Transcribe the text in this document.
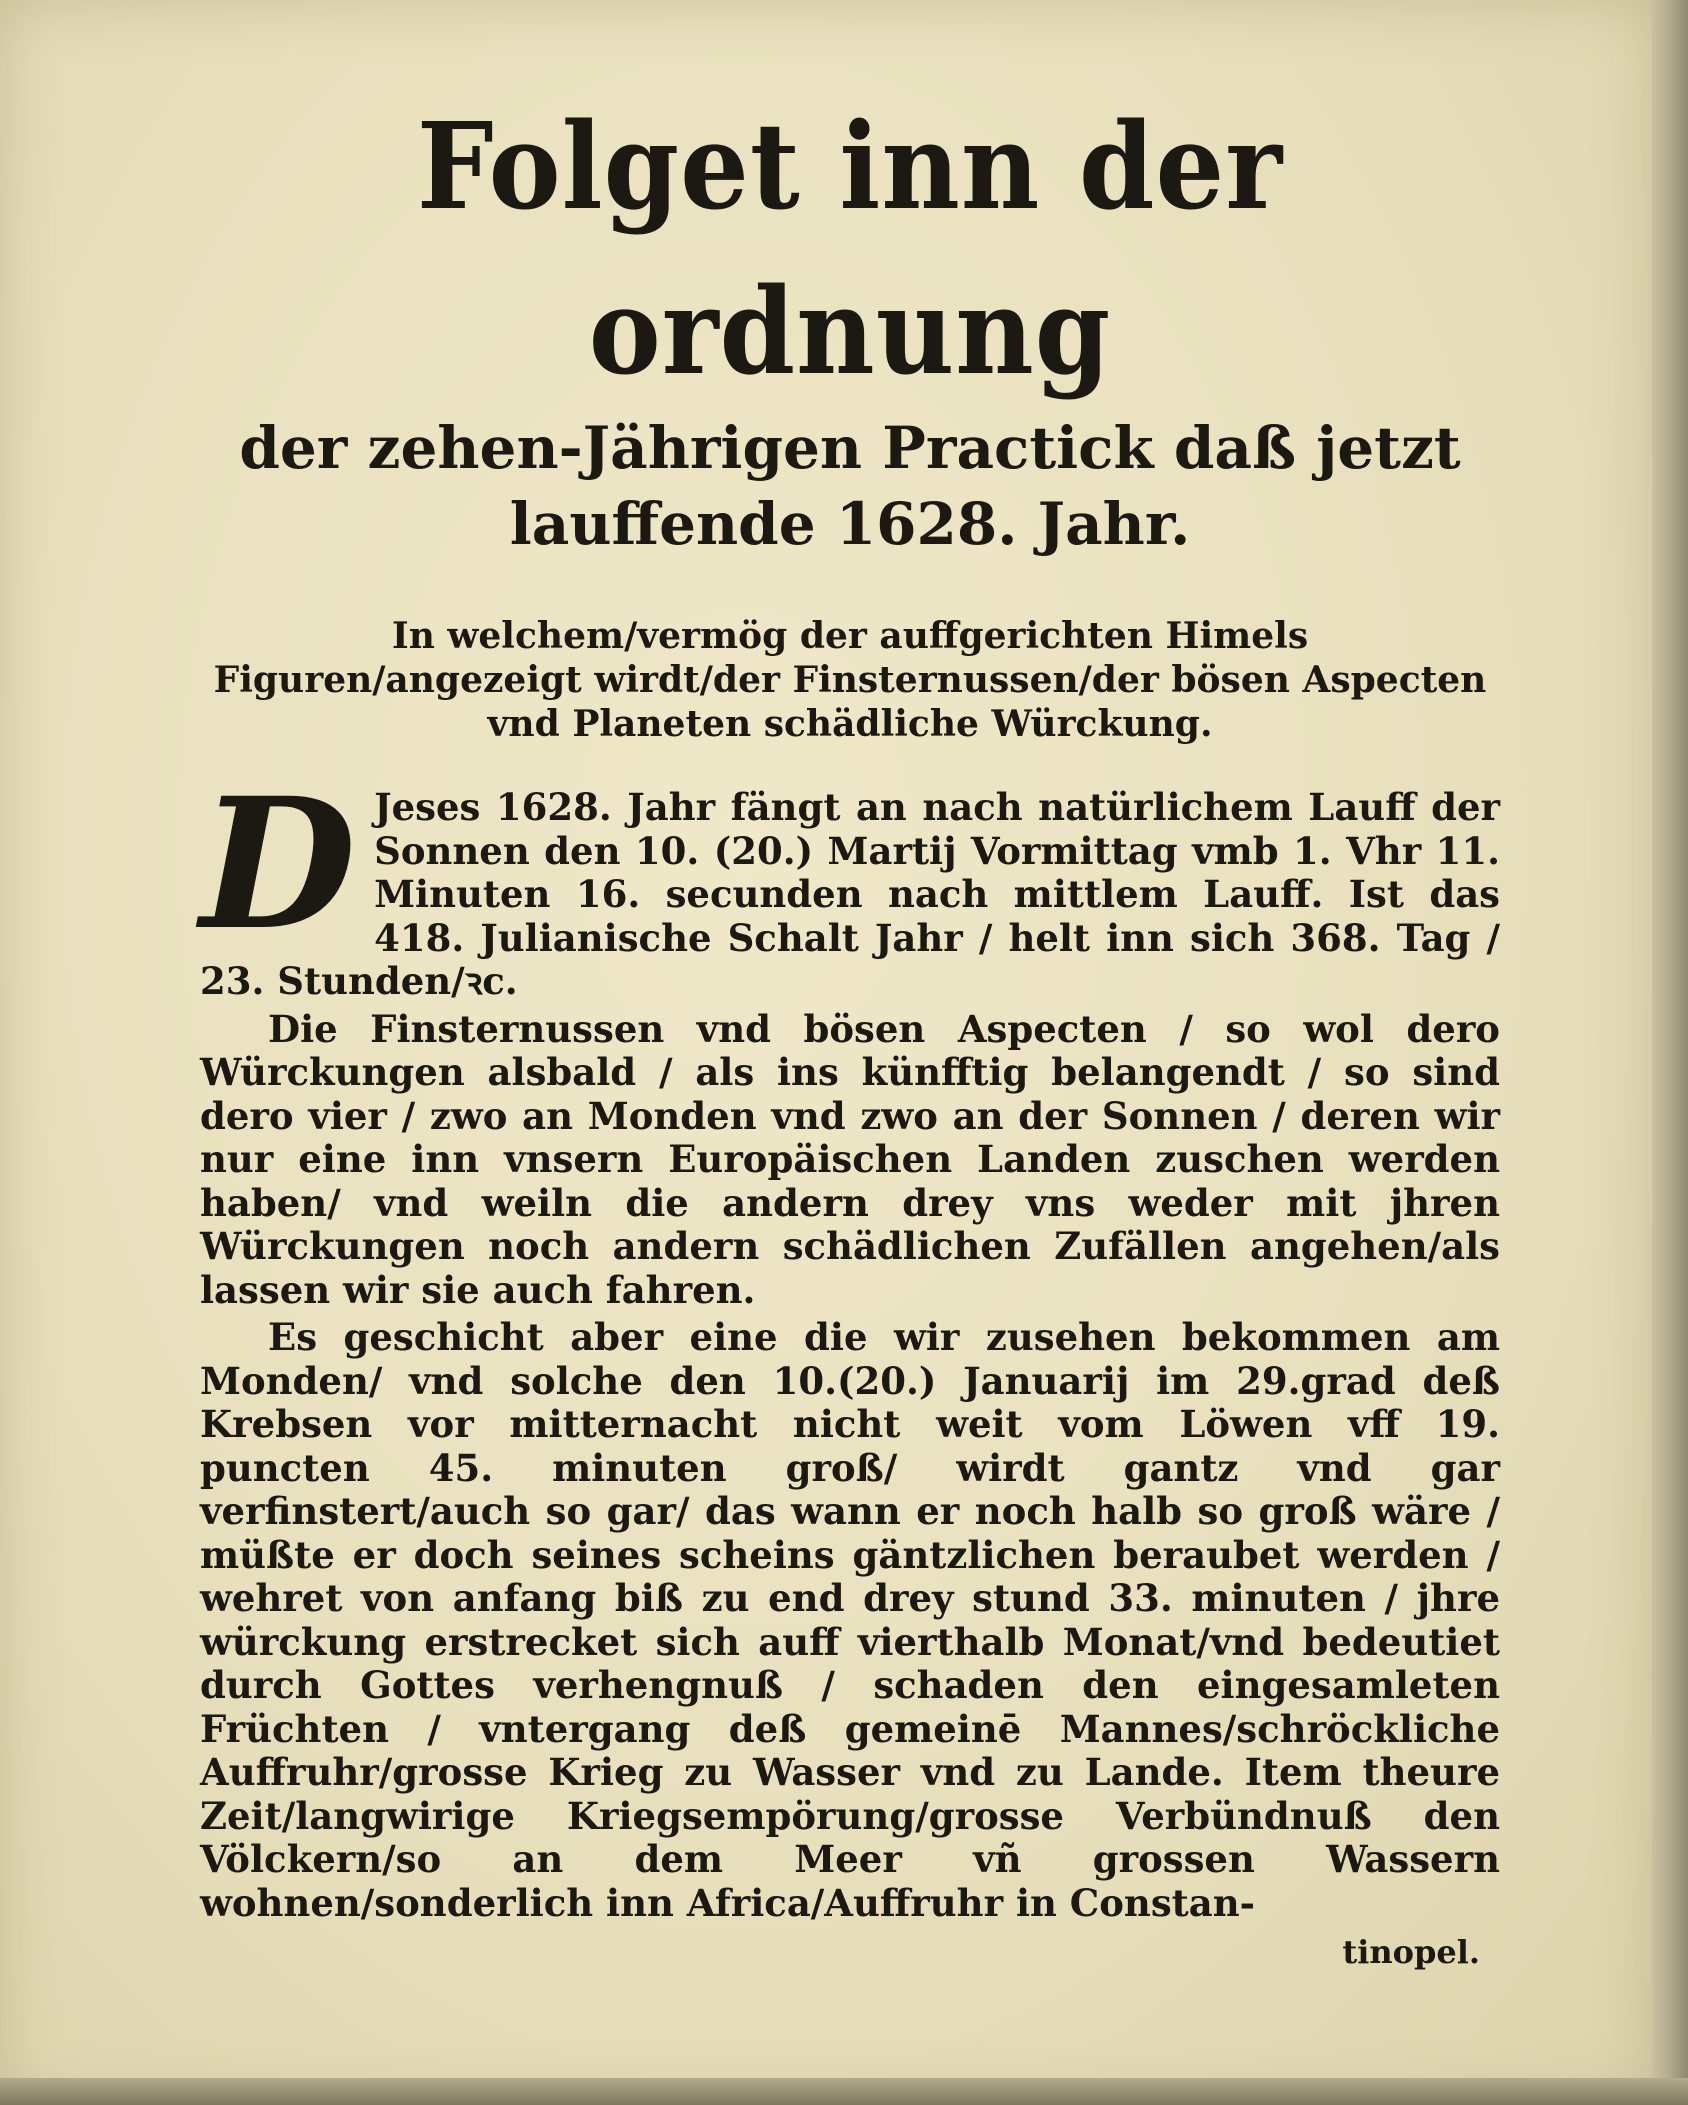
Folget inn der ordnung
der zehen-Jährigen Practick daß jetzt lauffende 1628. Jahr.
In welchem/vermög der auffgerichten Himels Figuren/angezeigt wirdt/der Finsternussen/der bösen Aspecten vnd Planeten schädliche Würckung.

D Jeses 1628. Jahr fängt an nach natürlichem Lauff der Sonnen den 10. (20.) Martij Vormittag vmb 1. Vhr 11. Minuten 16. secunden nach mittlem Lauff. Ist das 418. Julianische Schalt Jahr / helt inn sich 368. Tag / 23. Stunden/ꝛc.

Die Finsternussen vnd bösen Aspecten / so wol dero Würckungen alsbald / als ins künfftig belangendt / so sind dero vier / zwo an Monden vnd zwo an der Sonnen / deren wir nur eine inn vnsern Europäischen Landen zuschen werden haben/ vnd weiln die andern drey vns weder mit jhren Würckungen noch andern schädlichen Zufällen angehen/als lassen wir sie auch fahren.

Es geschicht aber eine die wir zusehen bekommen am Monden/ vnd solche den 10.(20.) Januarij im 29.grad deß Krebsen vor mitternacht nicht weit vom Löwen vff 19. puncten 45. minuten groß/ wirdt gantz vnd gar verfinstert/auch so gar/ das wann er noch halb so groß wäre / müßte er doch seines scheins gäntzlichen beraubet werden / wehret von anfang biß zu end drey stund 33. minuten / jhre würckung erstrecket sich auff vierthalb Monat/vnd bedeutiet durch Gottes verhengnuß / schaden den eingesamleten Früchten / vntergang deß gemeinē Mannes/schröckliche Auffruhr/grosse Krieg zu Wasser vnd zu Lande. Item theure Zeit/langwirige Kriegsempörung/grosse Verbündnuß den Völckern/so an dem Meer vñ grossen Wassern wohnen/sonderlich inn Africa/Auffruhr in Constan-

tinopel.
